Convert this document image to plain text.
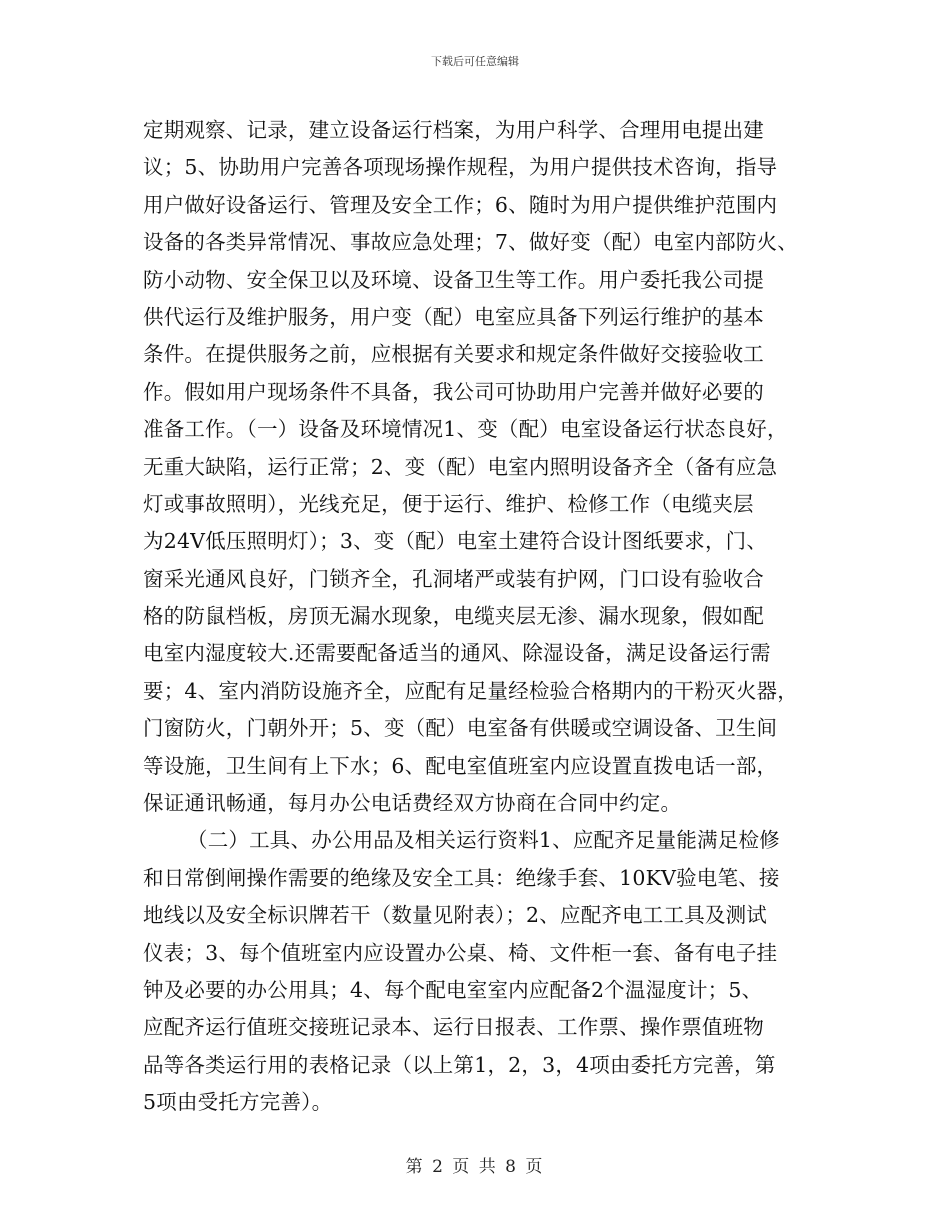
下载后可任意编辑
定期观察、记录，建立设备运行档案，为用户科学、合理用电提出建
议；5、协助用户完善各项现场操作规程，为用户提供技术咨询，指导
用户做好设备运行、管理及安全工作；6、随时为用户提供维护范围内
设备的各类异常情况、事故应急处理；7、做好变（配）电室内部防火、
防小动物、安全保卫以及环境、设备卫生等工作。用户委托我公司提
供代运行及维护服务，用户变（配）电室应具备下列运行维护的基本
条件。在提供服务之前，应根据有关要求和规定条件做好交接验收工
作。假如用户现场条件不具备，我公司可协助用户完善并做好必要的
准备工作。（一）设备及环境情况1、变（配）电室设备运行状态良好，
无重大缺陷，运行正常；2、变（配）电室内照明设备齐全（备有应急
灯或事故照明），光线充足，便于运行、维护、检修工作（电缆夹层
为24V低压照明灯）；3、变（配）电室土建符合设计图纸要求，门、
窗采光通风良好，门锁齐全，孔洞堵严或装有护网，门口设有验收合
格的防鼠档板，房顶无漏水现象，电缆夹层无渗、漏水现象，假如配
电室内湿度较大.还需要配备适当的通风、除湿设备，满足设备运行需
要；4、室内消防设施齐全，应配有足量经检验合格期内的干粉灭火器，
门窗防火，门朝外开；5、变（配）电室备有供暖或空调设备、卫生间
等设施，卫生间有上下水；6、配电室值班室内应设置直拨电话一部，
保证通讯畅通，每月办公电话费经双方协商在合同中约定。
（二）工具、办公用品及相关运行资料1、应配齐足量能满足检修
和日常倒闸操作需要的绝缘及安全工具：绝缘手套、10KV验电笔、接
地线以及安全标识牌若干（数量见附表）；2、应配齐电工工具及测试
仪表；3、每个值班室内应设置办公桌、椅、文件柜一套、备有电子挂
钟及必要的办公用具；4、每个配电室室内应配备2个温湿度计；5、
应配齐运行值班交接班记录本、运行日报表、工作票、操作票值班物
品等各类运行用的表格记录（以上第1，2，3，4项由委托方完善，第
5项由受托方完善）。
第 2 页 共 8 页
